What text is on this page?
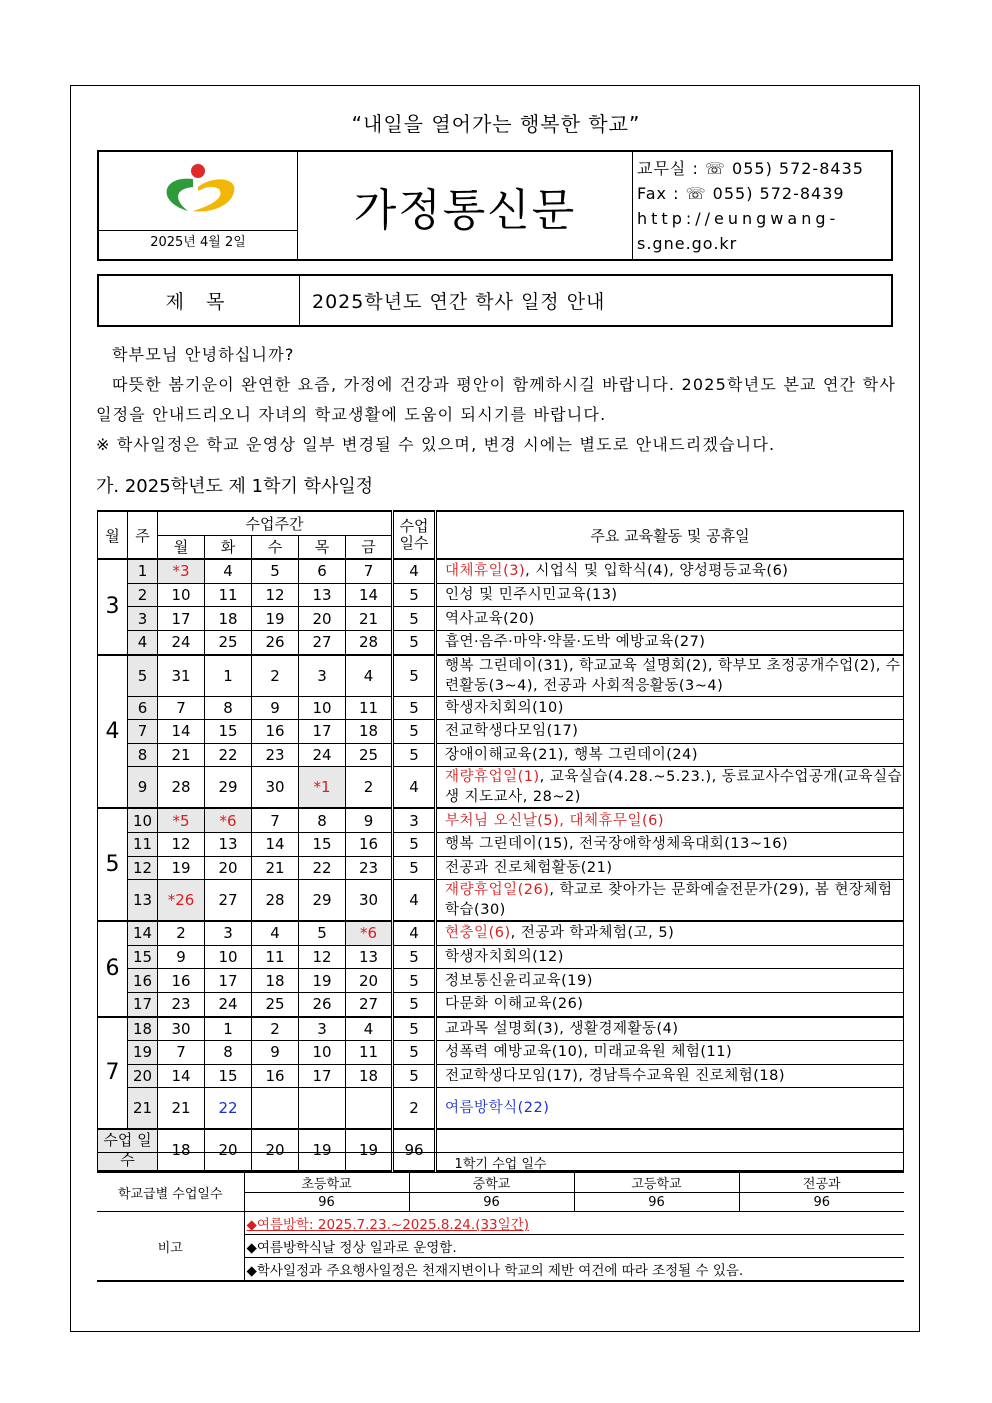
“내일을 열어가는 행복한 학교”
2025년 4월 2일
	가정통신문	
교무실 : ☏ 055) 572-8435
Fax : ☏ 055) 572-8439
http://eungwang-
s.gne.go.kr
제 목	2025학년도 연간 학사 일정 안내

학부모님 안녕하십니까?

따뜻한 봄기운이 완연한 요즘, 가정에 건강과 평안이 함께하시길 바랍니다. 2025학년도 본교 연간 학사 일정을 안내드리오니 자녀의 학교생활에 도움이 되시기를 바랍니다.

※ 학사일정은 학교 운영상 일부 변경될 수 있으며, 변경 시에는 별도로 안내드리겠습니다.

가. 2025학년도 제 1학기 학사일정
월	주	수업주간					수업 일수	주요 교육활동 및 공휴일
		월	화	수	목	금		
3	1	*3	4	5	6	7	4	대체휴일(3), 시업식 및 입학식(4), 양성평등교육(6)
	2	10	11	12	13	14	5	인성 및 민주시민교육(13)
	3	17	18	19	20	21	5	역사교육(20)
	4	24	25	26	27	28	5	흡연·음주·마약·약물·도박 예방교육(27)
4	5	31	1	2	3	4	5	행복 그린데이(31), 학교교육 설명회(2), 학부모 초정공개수업(2), 수련활동(3~4), 전공과 사회적응활동(3~4)
	6	7	8	9	10	11	5	학생자치회의(10)
	7	14	15	16	17	18	5	전교학생다모임(17)
	8	21	22	23	24	25	5	장애이해교육(21), 행복 그린데이(24)
	9	28	29	30	*1	2	4	재량휴업일(1), 교육실습(4.28.~5.23.), 동료교사수업공개(교육실습생 지도교사, 28~2)
5	10	*5	*6	7	8	9	3	부처님 오신날(5), 대체휴무일(6)
	11	12	13	14	15	16	5	행복 그린데이(15), 전국장애학생체육대회(13~16)
	12	19	20	21	22	23	5	전공과 진로체험활동(21)
	13	*26	27	28	29	30	4	재량휴업일(26), 학교로 찾아가는 문화예술전문가(29), 봄 현장체험학습(30)
6	14	2	3	4	5	*6	4	현충일(6), 전공과 학과체험(고, 5)
	15	9	10	11	12	13	5	학생자치회의(12)
	16	16	17	18	19	20	5	정보통신윤리교육(19)
	17	23	24	25	26	27	5	다문화 이해교육(26)
7	18	30	1	2	3	4	5	교과목 설명회(3), 생활경제활동(4)
	19	7	8	9	10	11	5	성폭력 예방교육(10), 미래교육원 체험(11)
	20	14	15	16	17	18	5	전교학생다모임(17), 경남특수교육원 진로체험(18)
	21	21	22				2	여름방학식(22)
수업 일수		18	20	20	19	19	96	
1학기 수업 일수				
학교급별 수업일수	초등학교	중학교	고등학교	전공과
	96	96	96	96
비고	◆여름방학: 2025.7.23.~2025.8.24.(33일간)			
	◆여름방학식날 정상 일과로 운영함.			
	◆학사일정과 주요행사일정은 천재지변이나 학교의 제반 여건에 따라 조정될 수 있음.			
